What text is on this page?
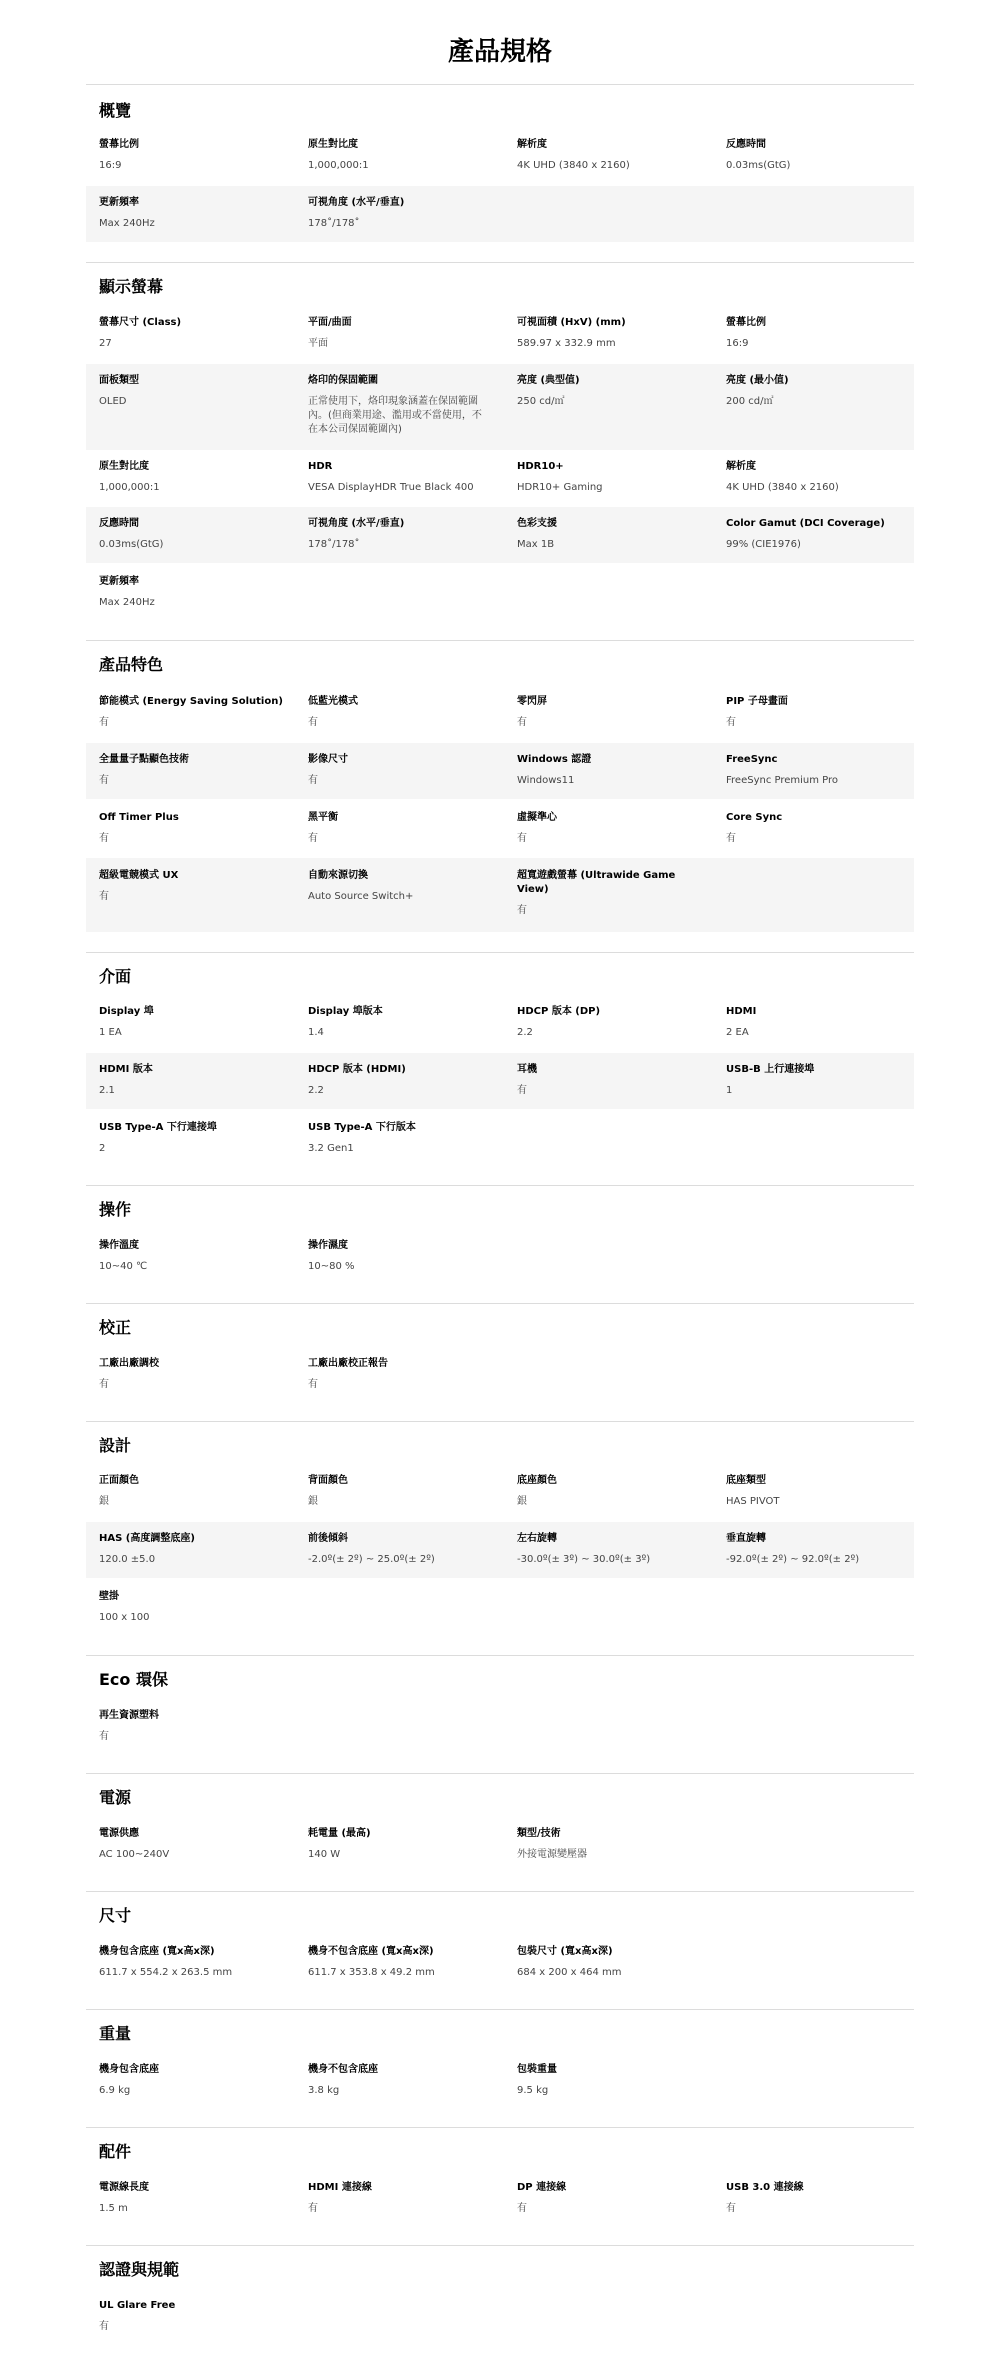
產品規格
概覽
螢幕比例
16:9
原生對比度
1,000,000:1
解析度
4K UHD (3840 x 2160)
反應時間
0.03ms(GtG)
更新頻率
Max 240Hz
可視角度 (水平/垂直)
178˚/178˚
顯示螢幕
螢幕尺寸 (Class)
27
平面/曲面
平面
可視面積 (HxV) (mm)
589.97 x 332.9 mm
螢幕比例
16:9
面板類型
OLED
烙印的保固範圍
正常使用下，烙印現象涵蓋在保固範圍內。(但商業用途、濫用或不當使用，不在本公司保固範圍內)
亮度 (典型值)
250 cd/㎡
亮度 (最小值)
200 cd/㎡
原生對比度
1,000,000:1
HDR
VESA DisplayHDR True Black 400
HDR10+
HDR10+ Gaming
解析度
4K UHD (3840 x 2160)
反應時間
0.03ms(GtG)
可視角度 (水平/垂直)
178˚/178˚
色彩支援
Max 1B
Color Gamut (DCI Coverage)
99% (CIE1976)
更新頻率
Max 240Hz
產品特色
節能模式 (Energy Saving Solution)
有
低藍光模式
有
零閃屏
有
PIP 子母畫面
有
全量量子點顯色技術
有
影像尺寸
有
Windows 認證
Windows11
FreeSync
FreeSync Premium Pro
Off Timer Plus
有
黑平衡
有
虛擬準心
有
Core Sync
有
超級電競模式 UX
有
自動來源切換
Auto Source Switch+
超寬遊戲螢幕 (Ultrawide Game View)
有
介面
Display 埠
1 EA
Display 埠版本
1.4
HDCP 版本 (DP)
2.2
HDMI
2 EA
HDMI 版本
2.1
HDCP 版本 (HDMI)
2.2
耳機
有
USB-B 上行連接埠
1
USB Type-A 下行連接埠
2
USB Type-A 下行版本
3.2 Gen1
操作
操作溫度
10~40 ℃
操作濕度
10~80 %
校正
工廠出廠調校
有
工廠出廠校正報告
有
設計
正面顏色
銀
背面顏色
銀
底座顏色
銀
底座類型
HAS PIVOT
HAS (高度調整底座)
120.0 ±5.0
前後傾斜
-2.0º(± 2º) ~ 25.0º(± 2º)
左右旋轉
-30.0º(± 3º) ~ 30.0º(± 3º)
垂直旋轉
-92.0º(± 2º) ~ 92.0º(± 2º)
壁掛
100 x 100
Eco 環保
再生資源塑料
有
電源
電源供應
AC 100~240V
耗電量 (最高)
140 W
類型/技術
外接電源變壓器
尺寸
機身包含底座 (寬x高x深)
611.7 x 554.2 x 263.5 mm
機身不包含底座 (寬x高x深)
611.7 x 353.8 x 49.2 mm
包裝尺寸 (寬x高x深)
684 x 200 x 464 mm
重量
機身包含底座
6.9 kg
機身不包含底座
3.8 kg
包裝重量
9.5 kg
配件
電源線長度
1.5 m
HDMI 連接線
有
DP 連接線
有
USB 3.0 連接線
有
認證與規範
UL Glare Free
有
